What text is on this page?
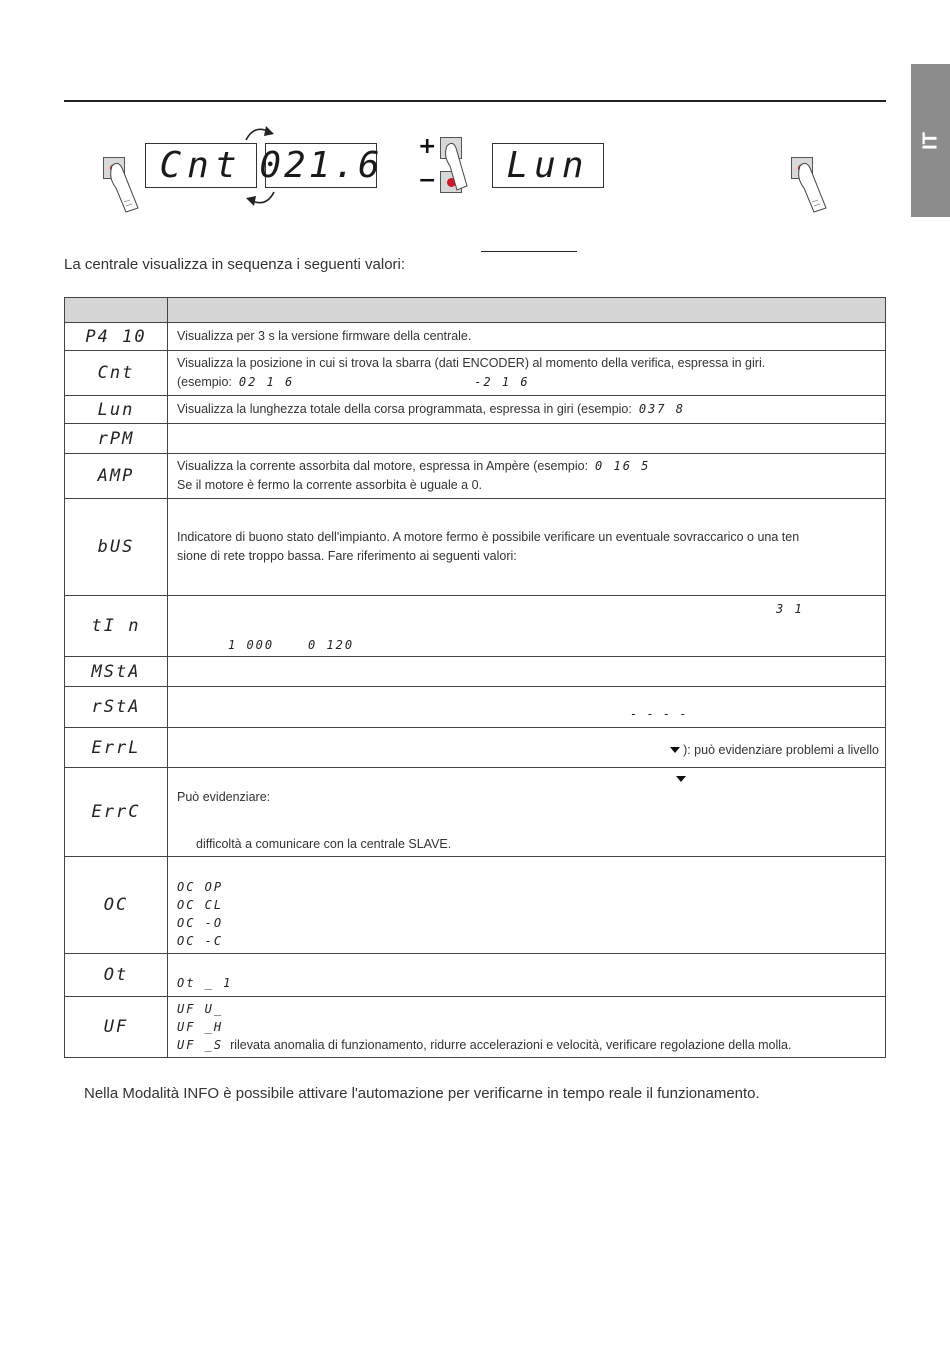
IT
Cnt 021.6 +
− Lun
La centrale visualizza in sequenza i seguenti valori:

P4 10	Visualizza per 3 s la versione firmware della centrale.
Cnt	Visualizza la posizione in cui si trova la sbarra (dati ENCODER) al momento della verifica, espressa in giri.
(esempio: 02 1 6 -2 1 6

Lun	Visualizza la lunghezza totale della corsa programmata, espressa in giri (esempio: 037 8
rPM	
AMP	Visualizza la corrente assorbita dal motore, espressa in Ampère (esempio: 0 16 5
Se il motore è fermo la corrente assorbita è uguale a 0.

bUS	Indicatore di buono stato dell'impianto. A motore fermo è possibile verificare un eventuale sovraccarico o una ten
sione di rete troppo bassa. Fare riferimento ai seguenti valori:

tI n	3 1
1 000 0 120

MStA	
rStA	- - - -

ErrL	): può evidenziare problemi a livello
ErrC	Può evidenziare:
difficoltà a comunicare con la centrale SLAVE.

OC	OC OP
OC CL
OC -O
OC -C

Ot	Ot _ 1

UF	UF U_
UF _H
UF _S rilevata anomalia di funzionamento, ridurre accelerazioni e velocità, verificare regolazione della molla.
Nella Modalità INFO è possibile attivare l'automazione per verificarne in tempo reale il funzionamento.
